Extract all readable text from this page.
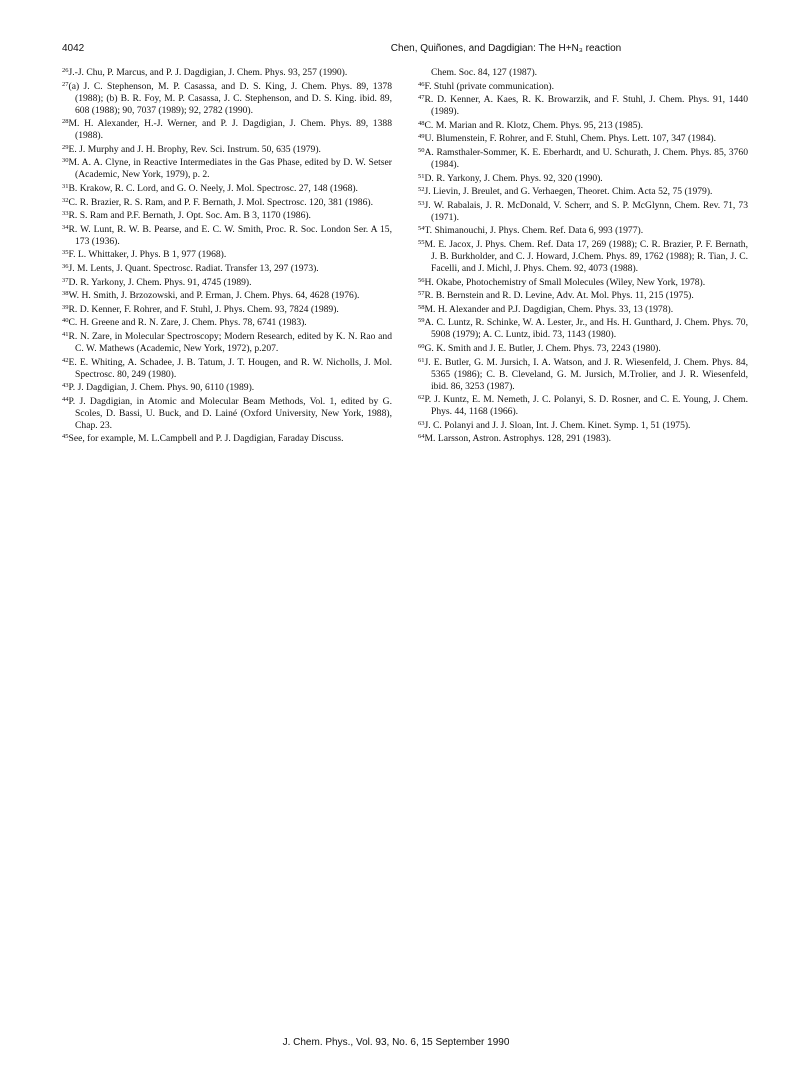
4042	Chen, Quiñones, and Dagdigian: The H+N₃ reaction
$^{26}$J.-J. Chu, P. Marcus, and P. J. Dagdigian, J. Chem. Phys. 93, 257 (1990).
$^{27}$(a) J. C. Stephenson, M. P. Casassa, and D. S. King, J. Chem. Phys. 89, 1378 (1988); (b) B. R. Foy, M. P. Casassa, J. C. Stephenson, and D. S. King. ibid. 89, 608 (1988); 90, 7037 (1989); 92, 2782 (1990).
$^{28}$M. H. Alexander, H.-J. Werner, and P. J. Dagdigian, J. Chem. Phys. 89, 1388 (1988).
$^{29}$E. J. Murphy and J. H. Brophy, Rev. Sci. Instrum. 50, 635 (1979).
$^{30}$M. A. A. Clyne, in Reactive Intermediates in the Gas Phase, edited by D. W. Setser (Academic, New York, 1979), p. 2.
$^{31}$B. Krakow, R. C. Lord, and G. O. Neely, J. Mol. Spectrosc. 27, 148 (1968).
$^{32}$C. R. Brazier, R. S. Ram, and P. F. Bernath, J. Mol. Spectrosc. 120, 381 (1986).
$^{33}$R. S. Ram and P.F. Bernath, J. Opt. Soc. Am. B 3, 1170 (1986).
$^{34}$R. W. Lunt, R. W. B. Pearse, and E. C. W. Smith, Proc. R. Soc. London Ser. A 15, 173 (1936).
$^{35}$F. L. Whittaker, J. Phys. B 1, 977 (1968).
$^{36}$J. M. Lents, J. Quant. Spectrosc. Radiat. Transfer 13, 297 (1973).
$^{37}$D. R. Yarkony, J. Chem. Phys. 91, 4745 (1989).
$^{38}$W. H. Smith, J. Brzozowski, and P. Erman, J. Chem. Phys. 64, 4628 (1976).
$^{39}$R. D. Kenner, F. Rohrer, and F. Stuhl, J. Phys. Chem. 93, 7824 (1989).
$^{40}$C. H. Greene and R. N. Zare, J. Chem. Phys. 78, 6741 (1983).
$^{41}$R. N. Zare, in Molecular Spectroscopy; Modern Research, edited by K. N. Rao and C. W. Mathews (Academic, New York, 1972), p.207.
$^{42}$E. E. Whiting, A. Schadee, J. B. Tatum, J. T. Hougen, and R. W. Nicholls, J. Mol. Spectrosc. 80, 249 (1980).
$^{43}$P. J. Dagdigian, J. Chem. Phys. 90, 6110 (1989).
$^{44}$P. J. Dagdigian, in Atomic and Molecular Beam Methods, Vol. 1, edited by G. Scoles, D. Bassi, U. Buck, and D. Lainé (Oxford University, New York, 1988), Chap. 23.
$^{45}$See, for example, M. L.Campbell and P. J. Dagdigian, Faraday Discuss.
Chem. Soc. 84, 127 (1987).
$^{46}$F. Stuhl (private communication).
$^{47}$R. D. Kenner, A. Kaes, R. K. Browarzik, and F. Stuhl, J. Chem. Phys. 91, 1440 (1989).
$^{48}$C. M. Marian and R. Klotz, Chem. Phys. 95, 213 (1985).
$^{49}$U. Blumenstein, F. Rohrer, and F. Stuhl, Chem. Phys. Lett. 107, 347 (1984).
$^{50}$A. Ramsthaler-Sommer, K. E. Eberhardt, and U. Schurath, J. Chem. Phys. 85, 3760 (1984).
$^{51}$D. R. Yarkony, J. Chem. Phys. 92, 320 (1990).
$^{52}$J. Lievin, J. Breulet, and G. Verhaegen, Theoret. Chim. Acta 52, 75 (1979).
$^{53}$J. W. Rabalais, J. R. McDonald, V. Scherr, and S. P. McGlynn, Chem. Rev. 71, 73 (1971).
$^{54}$T. Shimanouchi, J. Phys. Chem. Ref. Data 6, 993 (1977).
$^{55}$M. E. Jacox, J. Phys. Chem. Ref. Data 17, 269 (1988); C. R. Brazier, P. F. Bernath, J. B. Burkholder, and C. J. Howard, J.Chem. Phys. 89, 1762 (1988); R. Tian, J. C. Facelli, and J. Michl, J. Phys. Chem. 92, 4073 (1988).
$^{56}$H. Okabe, Photochemistry of Small Molecules (Wiley, New York, 1978).
$^{57}$R. B. Bernstein and R. D. Levine, Adv. At. Mol. Phys. 11, 215 (1975).
$^{58}$M. H. Alexander and P.J. Dagdigian, Chem. Phys. 33, 13 (1978).
$^{59}$A. C. Luntz, R. Schinke, W. A. Lester, Jr., and Hs. H. Gunthard, J. Chem. Phys. 70, 5908 (1979); A. C. Luntz, ibid. 73, 1143 (1980).
$^{60}$G. K. Smith and J. E. Butler, J. Chem. Phys. 73, 2243 (1980).
$^{61}$J. E. Butler, G. M. Jursich, I. A. Watson, and J. R. Wiesenfeld, J. Chem. Phys. 84, 5365 (1986); C. B. Cleveland, G. M. Jursich, M.Trolier, and J. R. Wiesenfeld, ibid. 86, 3253 (1987).
$^{62}$P. J. Kuntz, E. M. Nemeth, J. C. Polanyi, S. D. Rosner, and C. E. Young, J. Chem. Phys. 44, 1168 (1966).
$^{63}$J. C. Polanyi and J. J. Sloan, Int. J. Chem. Kinet. Symp. 1, 51 (1975).
$^{64}$M. Larsson, Astron. Astrophys. 128, 291 (1983).
J. Chem. Phys., Vol. 93, No. 6, 15 September 1990
